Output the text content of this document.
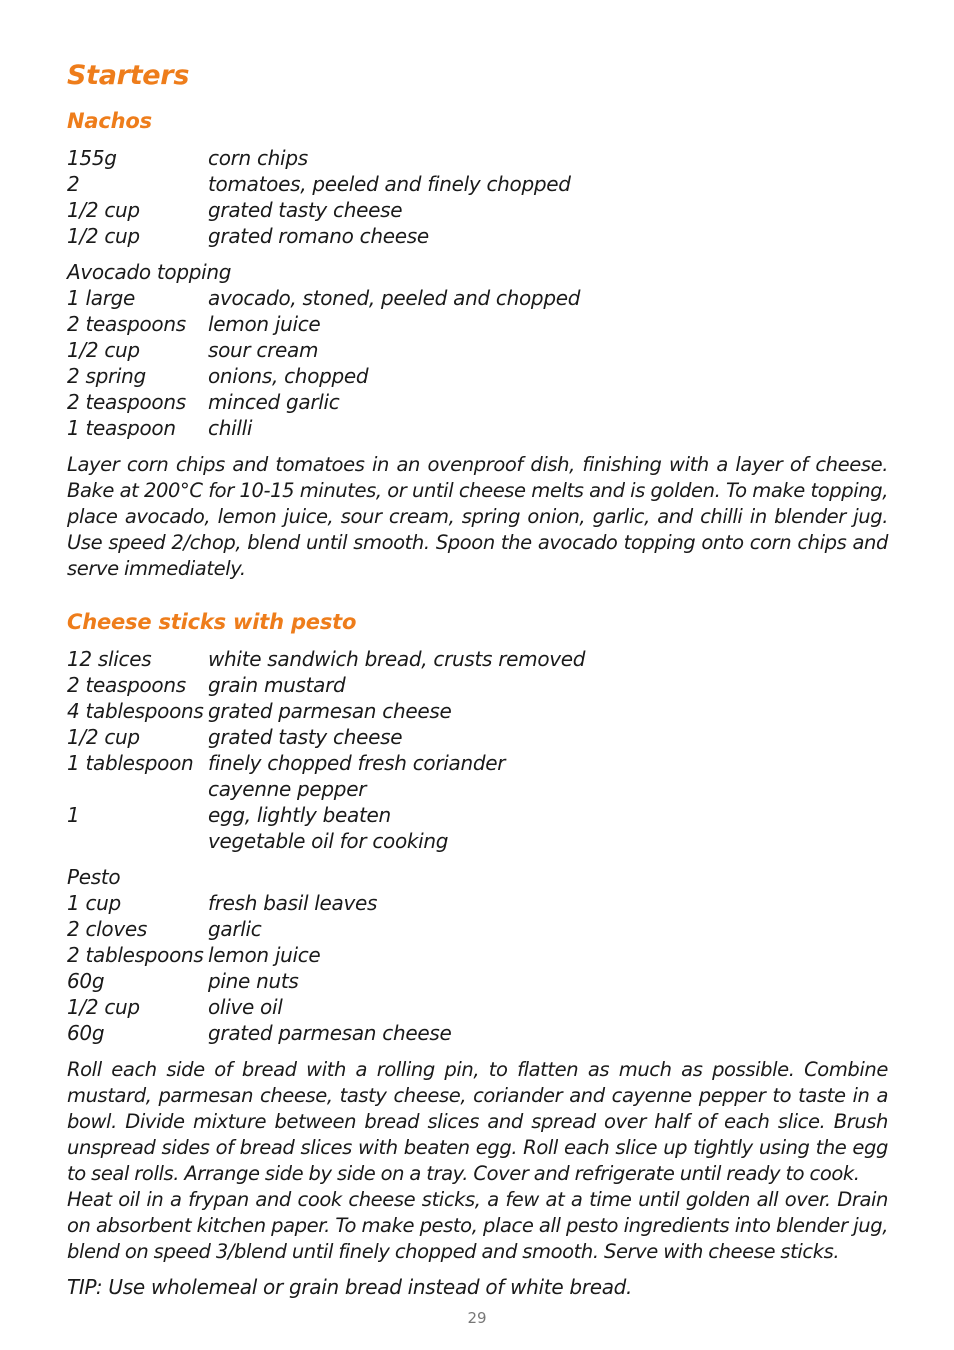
Starters
Nachos
155g	corn chips
2	tomatoes, peeled and finely chopped
1/2 cup	grated tasty cheese
1/2 cup	grated romano cheese
Avocado topping
1 large	avocado, stoned, peeled and chopped
2 teaspoons	lemon juice
1/2 cup	sour cream
2 spring	onions, chopped
2 teaspoons	minced garlic
1 teaspoon	chilli

Layer corn chips and tomatoes in an ovenproof dish, finishing with a layer of cheese. Bake at 200°C for 10-15 minutes, or until cheese melts and is golden. To make topping, place avocado, lemon juice, sour cream, spring onion, garlic, and chilli in blender jug. Use speed 2/chop, blend until smooth. Spoon the avocado topping onto corn chips and serve immediately.

Cheese sticks with pesto
12 slices	white sandwich bread, crusts removed
2 teaspoons	grain mustard
4 tablespoons grated parmesan cheese
1/2 cup	grated tasty cheese
1 tablespoon finely chopped fresh coriander
cayenne pepper
1	egg, lightly beaten
vegetable oil for cooking
Pesto
1 cup	fresh basil leaves
2 cloves	garlic
2 tablespoons lemon juice
60g	pine nuts
1/2 cup	olive oil
60g	grated parmesan cheese

Roll each side of bread with a rolling pin, to flatten as much as possible. Combine mustard, parmesan cheese, tasty cheese, coriander and cayenne pepper to taste in a bowl. Divide mixture between bread slices and spread over half of each slice. Brush unspread sides of bread slices with beaten egg. Roll each slice up tightly using the egg to seal rolls. Arrange side by side on a tray. Cover and refrigerate until ready to cook.

Heat oil in a frypan and cook cheese sticks, a few at a time until golden all over. Drain on absorbent kitchen paper. To make pesto, place all pesto ingredients into blender jug, blend on speed 3/blend until finely chopped and smooth. Serve with cheese sticks.

TIP: Use wholemeal or grain bread instead of white bread.
29
